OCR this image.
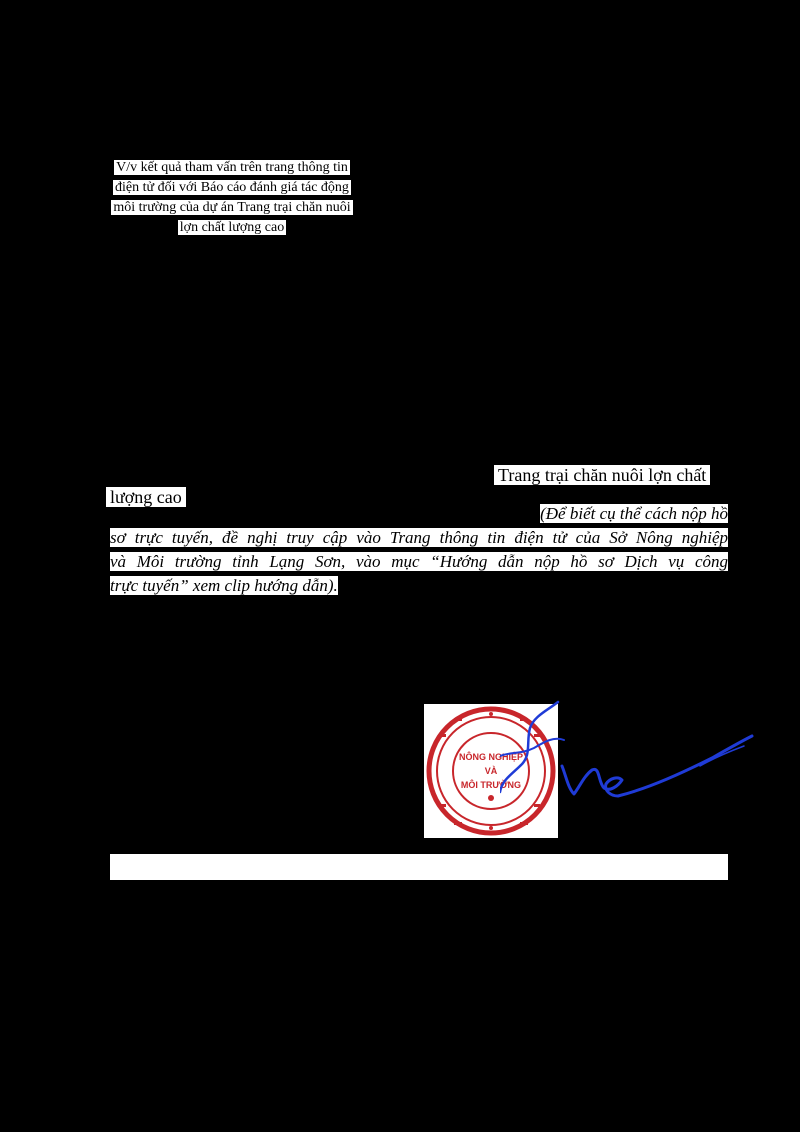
V/v kết quả tham vấn trên trang thông tin
điện tử đối với Báo cáo đánh giá tác động
môi trường của dự án Trang trại chăn nuôi
lợn chất lượng cao
Trang trại chăn nuôi lợn chất
lượng cao
(Để biết cụ thể cách nộp hồ
sơ trực tuyến, đề nghị truy cập vào Trang thông tin điện tử của Sở Nông nghiệp
và Môi trường tỉnh Lạng Sơn, vào mục “Hướng dẫn nộp hồ sơ Dịch vụ công
trực tuyến” xem clip hướng dẫn).
NÔNG NGHIỆP
VÀ
MÔI TRƯỜNG
